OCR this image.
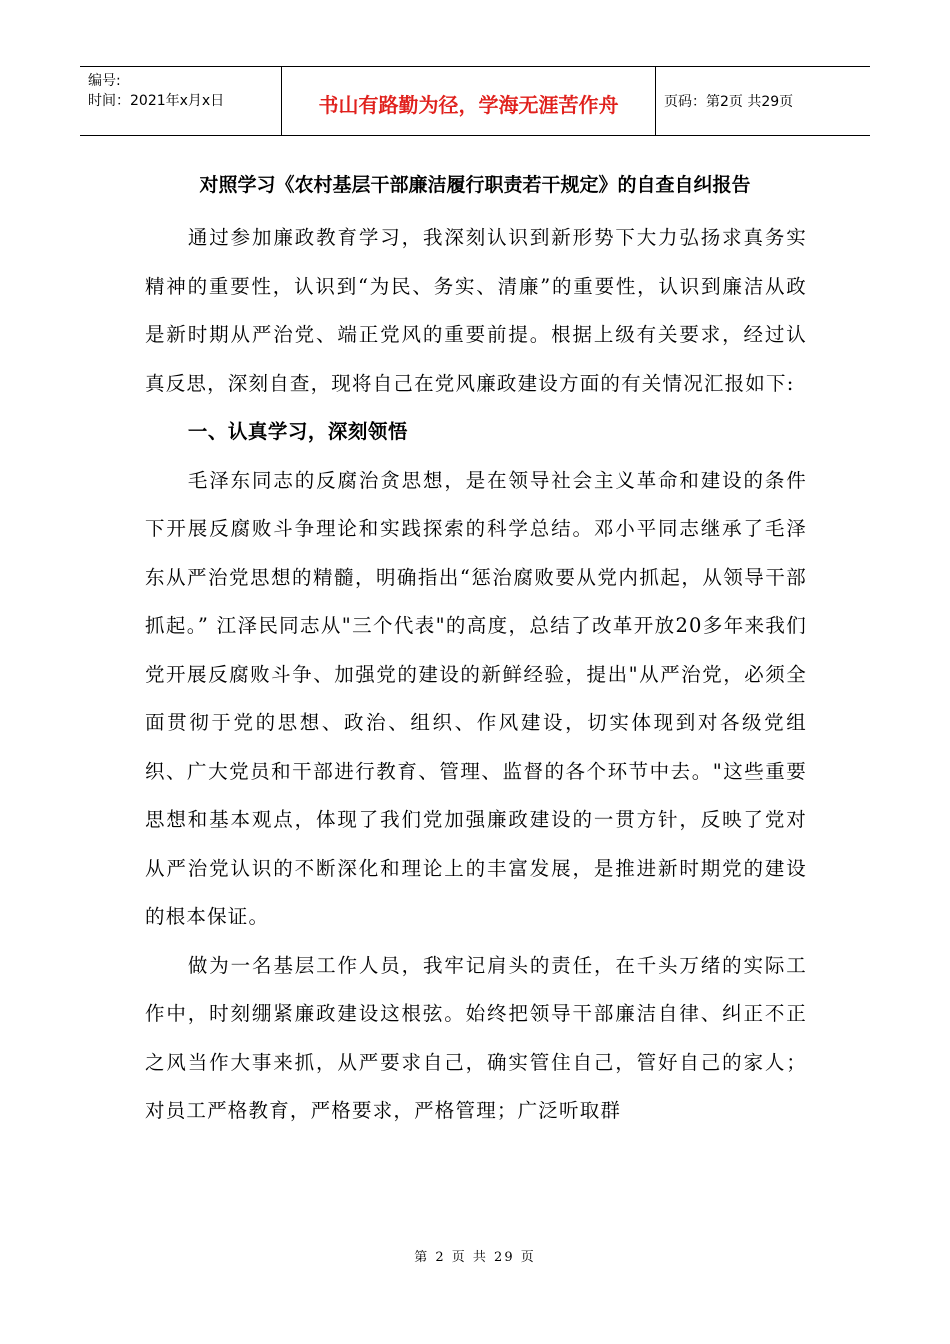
编号:
时间：2021年x月x日	书山有路勤为径，学海无涯苦作舟	页码：第2页 共29页
对照学习《农村基层干部廉洁履行职责若干规定》的自查自纠报告

通过参加廉政教育学习，我深刻认识到新形势下大力弘扬求真务实精神的重要性，认识到“为民、务实、清廉”的重要性，认识到廉洁从政是新时期从严治党、端正党风的重要前提。根据上级有关要求，经过认真反思，深刻自查，现将自己在党风廉政建设方面的有关情况汇报如下:

一、认真学习，深刻领悟

毛泽东同志的反腐治贪思想，是在领导社会主义革命和建设的条件下开展反腐败斗争理论和实践探索的科学总结。邓小平同志继承了毛泽东从严治党思想的精髓，明确指出“惩治腐败要从党内抓起，从领导干部抓起。” 江泽民同志从"三个代表"的高度，总结了改革开放20多年来我们党开展反腐败斗争、加强党的建设的新鲜经验，提出"从严治党，必须全面贯彻于党的思想、政治、组织、作风建设，切实体现到对各级党组织、广大党员和干部进行教育、管理、监督的各个环节中去。"这些重要思想和基本观点，体现了我们党加强廉政建设的一贯方针，反映了党对从严治党认识的不断深化和理论上的丰富发展，是推进新时期党的建设的根本保证。

做为一名基层工作人员，我牢记肩头的责任，在千头万绪的实际工作中，时刻绷紧廉政建设这根弦。始终把领导干部廉洁自律、纠正不正之风当作大事来抓，从严要求自己，确实管住自己，管好自己的家人；对员工严格教育，严格要求，严格管理；广泛听取群

第 2 页 共 29 页
